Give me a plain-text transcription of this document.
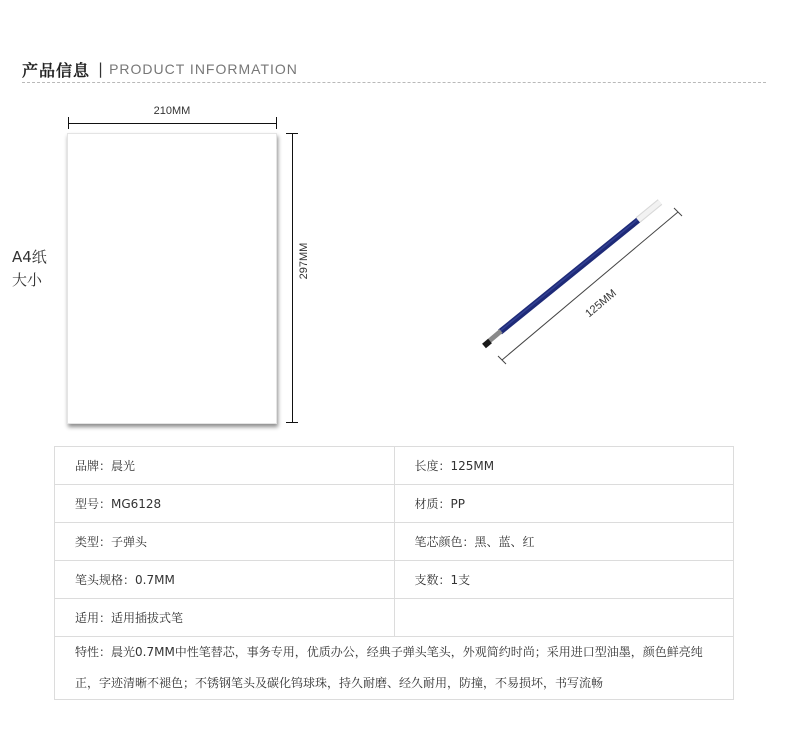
产品信息 | PRODUCT INFORMATION
A4纸大小
210MM
297MM
125MM
品牌：晨光	长度：125MM
型号：MG6128	材质：PP
类型：子弹头	笔芯颜色：黑、蓝、红
笔头规格：0.7MM	支数：1支
适用：适用插拔式笔	
特性：晨光0.7MM中性笔替芯，事务专用，优质办公，经典子弹头笔头，外观简约时尚；采用进口型油墨，颜色鲜亮纯正，字迹清晰不褪色；不锈钢笔头及碳化钨球珠，持久耐磨、经久耐用，防撞，不易损坏，书写流畅	
